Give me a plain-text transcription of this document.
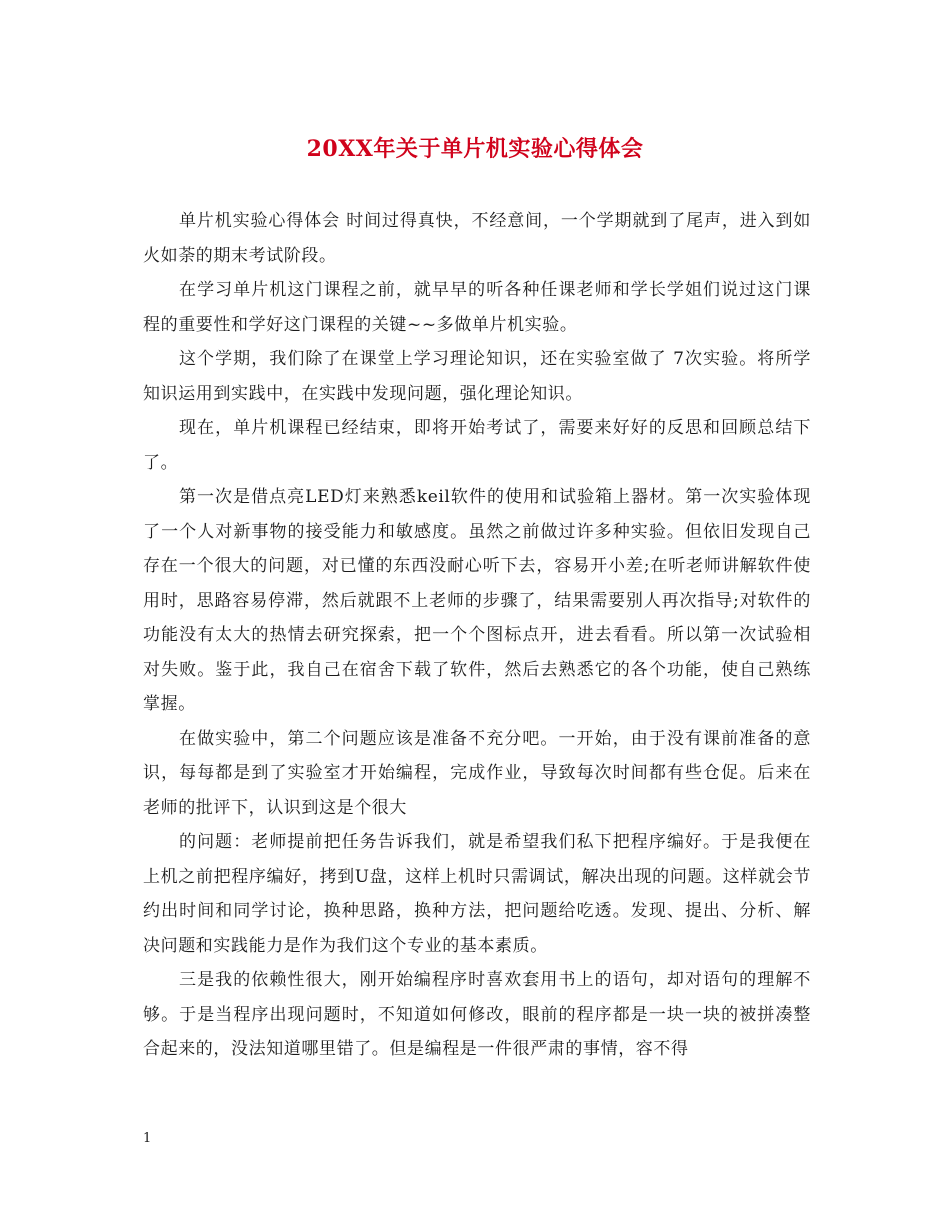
20XX年关于单片机实验心得体会

单片机实验心得体会 时间过得真快，不经意间，一个学期就到了尾声，进入到如火如荼的期末考试阶段。

在学习单片机这门课程之前，就早早的听各种任课老师和学长学姐们说过这门课程的重要性和学好这门课程的关键~~多做单片机实验。

这个学期，我们除了在课堂上学习理论知识，还在实验室做了 7次实验。将所学知识运用到实践中，在实践中发现问题，强化理论知识。

现在，单片机课程已经结束，即将开始考试了，需要来好好的反思和回顾总结下了。

第一次是借点亮LED灯来熟悉keil软件的使用和试验箱上器材。第一次实验体现了一个人对新事物的接受能力和敏感度。虽然之前做过许多种实验。但依旧发现自己存在一个很大的问题，对已懂的东西没耐心听下去，容易开小差;在听老师讲解软件使用时，思路容易停滞，然后就跟不上老师的步骤了，结果需要别人再次指导;对软件的功能没有太大的热情去研究探索，把一个个图标点开，进去看看。所以第一次试验相对失败。鉴于此，我自己在宿舍下载了软件，然后去熟悉它的各个功能，使自己熟练掌握。

在做实验中，第二个问题应该是准备不充分吧。一开始，由于没有课前准备的意识，每每都是到了实验室才开始编程，完成作业，导致每次时间都有些仓促。后来在老师的批评下，认识到这是个很大

的问题：老师提前把任务告诉我们，就是希望我们私下把程序编好。于是我便在上机之前把程序编好，拷到U盘，这样上机时只需调试，解决出现的问题。这样就会节约出时间和同学讨论，换种思路，换种方法，把问题给吃透。发现、提出、分析、解决问题和实践能力是作为我们这个专业的基本素质。

三是我的依赖性很大，刚开始编程序时喜欢套用书上的语句，却对语句的理解不够。于是当程序出现问题时，不知道如何修改，眼前的程序都是一块一块的被拼凑整合起来的，没法知道哪里错了。但是编程是一件很严肃的事情，容不得

1
